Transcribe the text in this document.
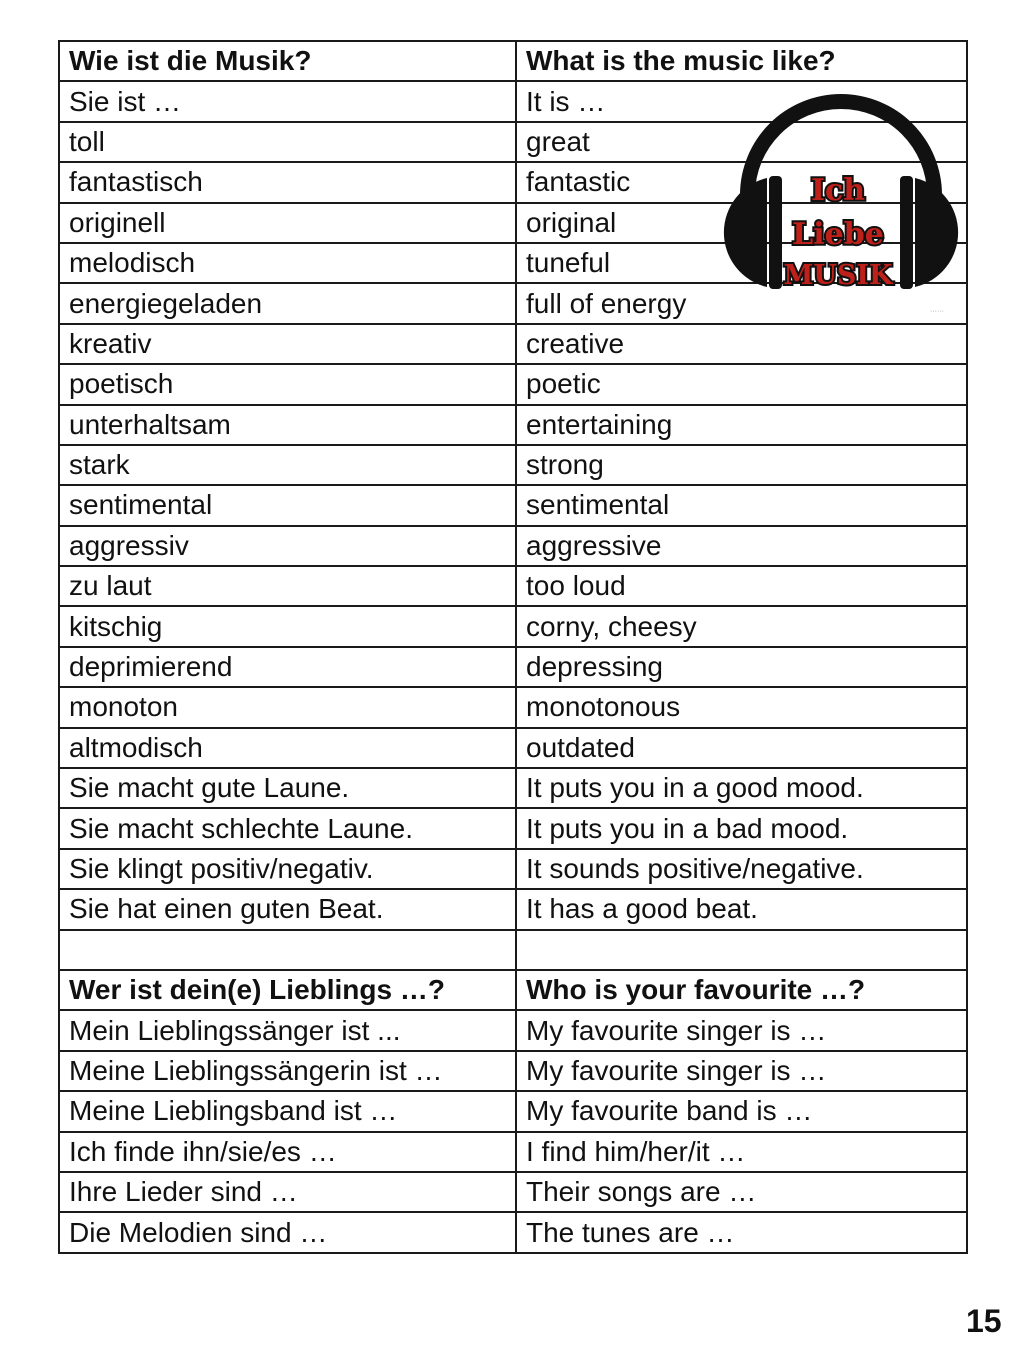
Wie ist die Musik?	What is the music like?
Sie ist …	It is …
toll	great
fantastisch	fantastic
originell	original
melodisch	tuneful
energiegeladen	full of energy
kreativ	creative
poetisch	poetic
unterhaltsam	entertaining
stark	strong
sentimental	sentimental
aggressiv	aggressive
zu laut	too loud
kitschig	corny, cheesy
deprimierend	depressing
monoton	monotonous
altmodisch	outdated
Sie macht gute Laune.	It puts you in a good mood.
Sie macht schlechte Laune.	It puts you in a bad mood.
Sie klingt positiv/negativ.	It sounds positive/negative.
Sie hat einen guten Beat.	It has a good beat.

Wer ist dein(e) Lieblings …?	Who is your favourite …?
Mein Lieblingssänger ist ...	My favourite singer is …
Meine Lieblingssängerin ist …	My favourite singer is …
Meine Lieblingsband ist …	My favourite band is …
Ich finde ihn/sie/es …	I find him/her/it …
Ihre Lieder sind …	Their songs are …
Die Melodien sind …	The tunes are …
Ich
Liebe
MUSIK
······
15
